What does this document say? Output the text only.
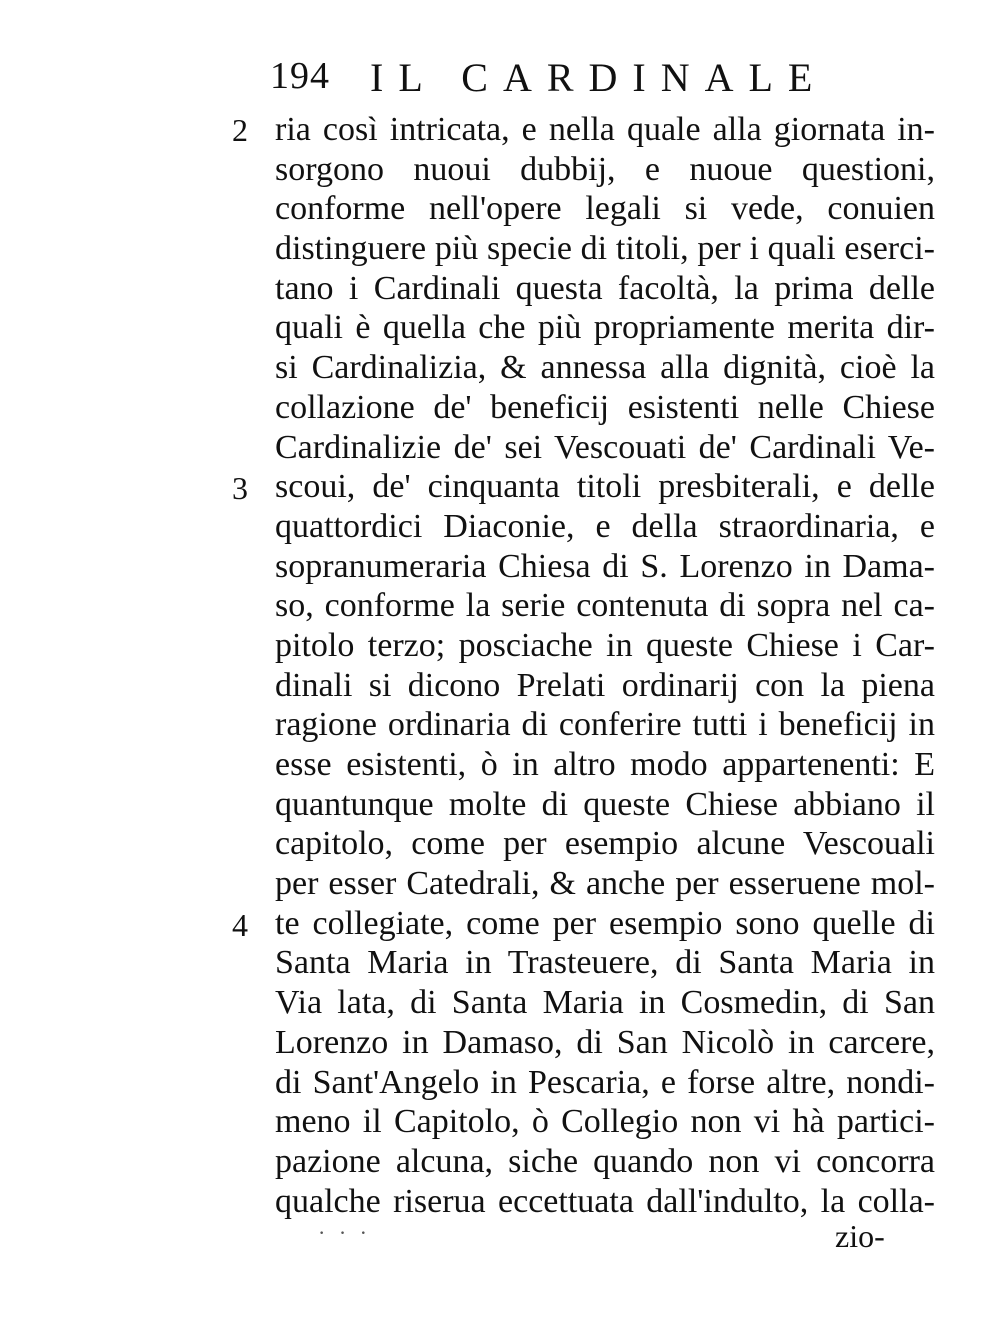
194 IL CARDINALE
2
3
4
ria così intricata, e nella quale alla giornata in-
sorgono nuoui dubbij, e nuoue questioni,
conforme nell'opere legali si vede, conuien
distinguere più specie di titoli, per i quali eserci-
tano i Cardinali questa facoltà, la prima delle
quali è quella che più propriamente merita dir-
si Cardinalizia, & annessa alla dignità, cioè la
collazione de' beneficij esistenti nelle Chiese
Cardinalizie de' sei Vescouati de' Cardinali Ve-
scoui, de' cinquanta titoli presbiterali, e delle
quattordici Diaconie, e della straordinaria, e
sopranumeraria Chiesa di S. Lorenzo in Dama-
so, conforme la serie contenuta di sopra nel ca-
pitolo terzo; posciache in queste Chiese i Car-
dinali si dicono Prelati ordinarij con la piena
ragione ordinaria di conferire tutti i beneficij in
esse esistenti, ò in altro modo appartenenti: E
quantunque molte di queste Chiese abbiano il
capitolo, come per esempio alcune Vescouali
per esser Catedrali, & anche per esseruene mol-
te collegiate, come per esempio sono quelle di
Santa Maria in Trasteuere, di Santa Maria in
Via lata, di Santa Maria in Cosmedin, di San
Lorenzo in Damaso, di San Nicolò in carcere,
di Sant'Angelo in Pescaria, e forse altre, nondi-
meno il Capitolo, ò Collegio non vi hà partici-
pazione alcuna, siche quando non vi concorra
qualche riserua eccettuata dall'indulto, la colla-
· · ·	zio-
